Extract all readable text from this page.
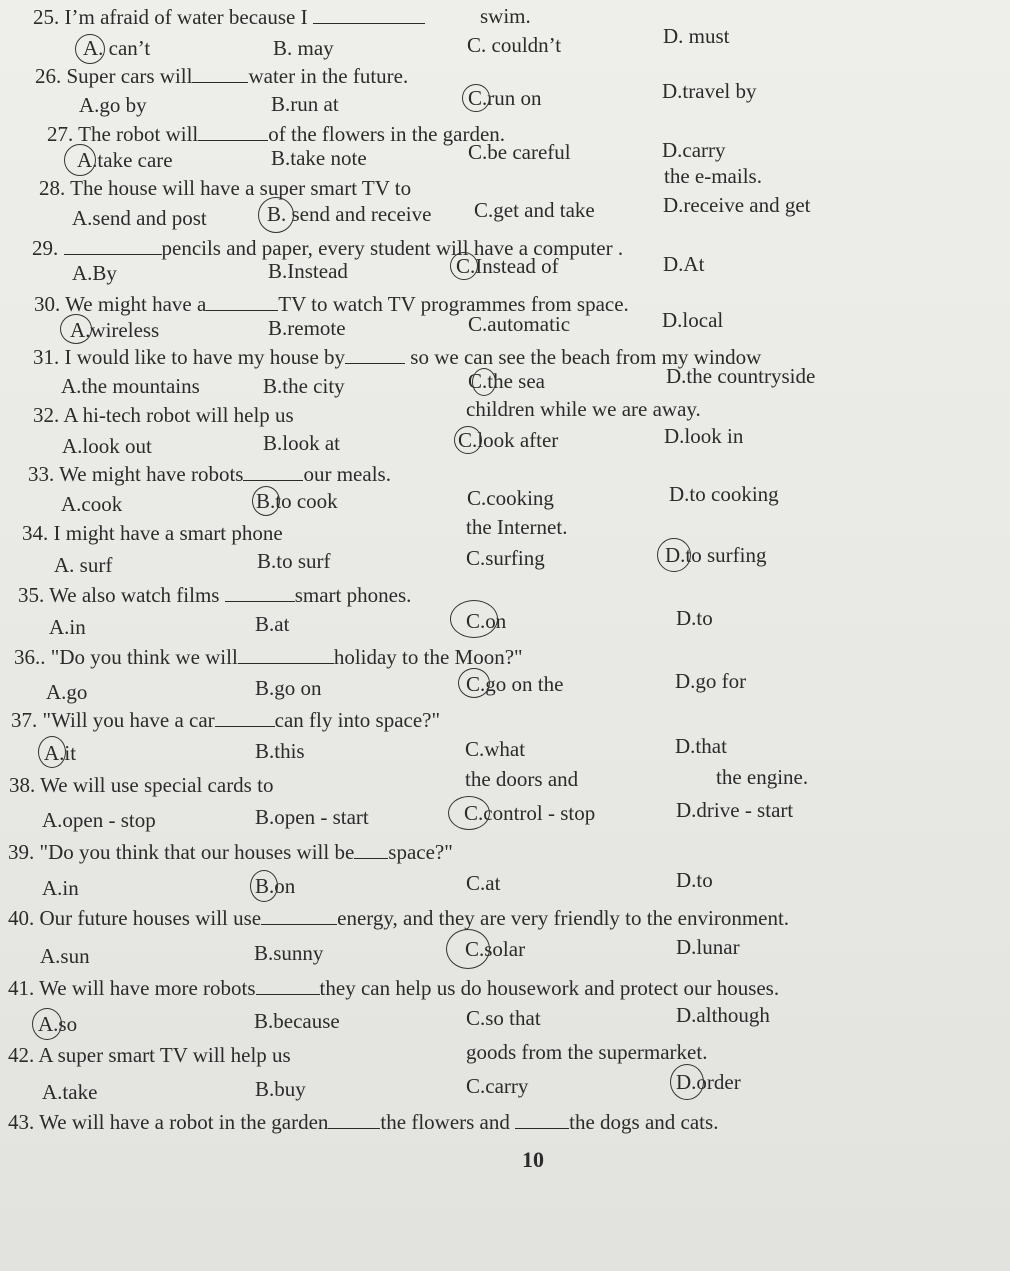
25. I’m afraid of water because I	swim.
A. can’t	B. may	C. couldn’t	D. must
26. Super cars will	water in the future.
A.go by	B.run at	C.run on	D.travel by
27. The robot will	of the flowers in the garden.
A.take care	B.take note	C.be careful	D.carry
28. The house will have a super smart TV to	the e-mails.
A.send and post	B. send and receive C.get and take	D.receive and get
29.	pencils and paper, every student will have a computer .
A.By	B.Instead	C.Instead of	D.At
30. We might have a	TV to watch TV programmes from space.
A.wireless	B.remote	C.automatic	D.local
31. I would like to have my house by	so we can see the beach from my window
A.the mountains	B.the city	C.the sea	D.the countryside
32. A hi-tech robot will help us	children while we are away.
A.look out	B.look at	C.look after	D.look in
33. We might have robots	our meals.
A.cook	B.to cook	C.cooking	D.to cooking
34. I might have a smart phone	the Internet.
A. surf	B.to surf	C.surfing	D.to surfing
35. We also watch films	smart phones.
A.in	B.at	C.on	D.to
36.. "Do you think we will	holiday to the Moon?"
A.go	B.go on	C.go on the	D.go for
37. "Will you have a car	can fly into space?"
A.it	B.this	C.what	D.that
38. We will use special cards to	the doors and	the engine.
A.open - stop	B.open - start	C.control - stop	D.drive - start
39. "Do you think that our houses will be space?"
A.in	B.on	C.at	D.to
40. Our future houses will use	energy, and they are very friendly to the environment.
A.sun	B.sunny	C.solar	D.lunar
41. We will have more robots	they can help us do housework and protect our houses.
A.so	B.because	C.so that	D.although
42. A super smart TV will help us	goods from the supermarket.
A.take	B.buy	C.carry	D.order
43. We will have a robot in the garden the flowers and	the dogs and cats.
10
